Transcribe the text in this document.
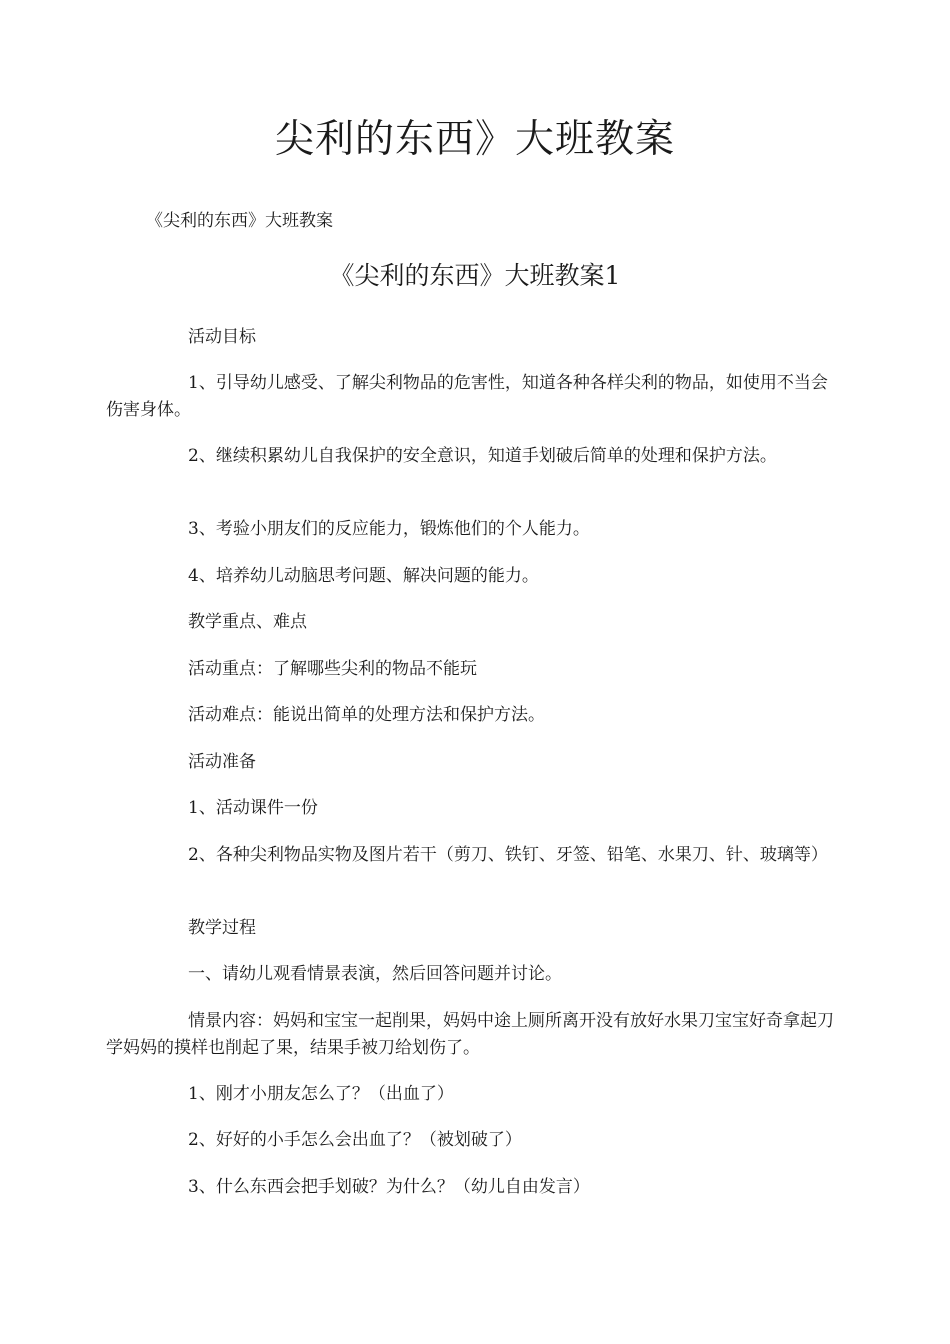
尖利的东西》大班教案

《尖利的东西》大班教案

《尖利的东西》大班教案1

活动目标

1、引导幼儿感受、了解尖利物品的危害性，知道各种各样尖利的物品，如使用不当会伤害身体。

2、继续积累幼儿自我保护的安全意识，知道手划破后简单的处理和保护方法。

3、考验小朋友们的反应能力，锻炼他们的个人能力。

4、培养幼儿动脑思考问题、解决问题的能力。

教学重点、难点

活动重点：了解哪些尖利的物品不能玩

活动难点：能说出简单的处理方法和保护方法。

活动准备

1、活动课件一份

2、各种尖利物品实物及图片若干（剪刀、铁钉、牙签、铅笔、水果刀、针、玻璃等）

教学过程

一、请幼儿观看情景表演，然后回答问题并讨论。

情景内容：妈妈和宝宝一起削果，妈妈中途上厕所离开没有放好水果刀宝宝好奇拿起刀学妈妈的摸样也削起了果，结果手被刀给划伤了。

1、刚才小朋友怎么了？（出血了）

2、好好的小手怎么会出血了？（被划破了）

3、什么东西会把手划破？为什么？（幼儿自由发言）
